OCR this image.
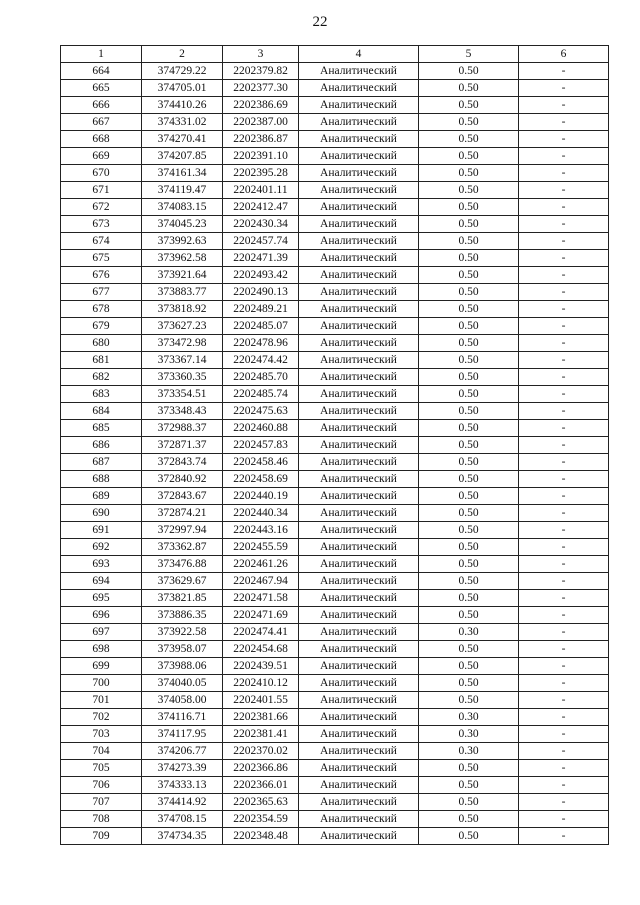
22
1	2	3	4	5	6
664	374729.22	2202379.82	Аналитический	0.50	-
665	374705.01	2202377.30	Аналитический	0.50	-
666	374410.26	2202386.69	Аналитический	0.50	-
667	374331.02	2202387.00	Аналитический	0.50	-
668	374270.41	2202386.87	Аналитический	0.50	-
669	374207.85	2202391.10	Аналитический	0.50	-
670	374161.34	2202395.28	Аналитический	0.50	-
671	374119.47	2202401.11	Аналитический	0.50	-
672	374083.15	2202412.47	Аналитический	0.50	-
673	374045.23	2202430.34	Аналитический	0.50	-
674	373992.63	2202457.74	Аналитический	0.50	-
675	373962.58	2202471.39	Аналитический	0.50	-
676	373921.64	2202493.42	Аналитический	0.50	-
677	373883.77	2202490.13	Аналитический	0.50	-
678	373818.92	2202489.21	Аналитический	0.50	-
679	373627.23	2202485.07	Аналитический	0.50	-
680	373472.98	2202478.96	Аналитический	0.50	-
681	373367.14	2202474.42	Аналитический	0.50	-
682	373360.35	2202485.70	Аналитический	0.50	-
683	373354.51	2202485.74	Аналитический	0.50	-
684	373348.43	2202475.63	Аналитический	0.50	-
685	372988.37	2202460.88	Аналитический	0.50	-
686	372871.37	2202457.83	Аналитический	0.50	-
687	372843.74	2202458.46	Аналитический	0.50	-
688	372840.92	2202458.69	Аналитический	0.50	-
689	372843.67	2202440.19	Аналитический	0.50	-
690	372874.21	2202440.34	Аналитический	0.50	-
691	372997.94	2202443.16	Аналитический	0.50	-
692	373362.87	2202455.59	Аналитический	0.50	-
693	373476.88	2202461.26	Аналитический	0.50	-
694	373629.67	2202467.94	Аналитический	0.50	-
695	373821.85	2202471.58	Аналитический	0.50	-
696	373886.35	2202471.69	Аналитический	0.50	-
697	373922.58	2202474.41	Аналитический	0.30	-
698	373958.07	2202454.68	Аналитический	0.50	-
699	373988.06	2202439.51	Аналитический	0.50	-
700	374040.05	2202410.12	Аналитический	0.50	-
701	374058.00	2202401.55	Аналитический	0.50	-
702	374116.71	2202381.66	Аналитический	0.30	-
703	374117.95	2202381.41	Аналитический	0.30	-
704	374206.77	2202370.02	Аналитический	0.30	-
705	374273.39	2202366.86	Аналитический	0.50	-
706	374333.13	2202366.01	Аналитический	0.50	-
707	374414.92	2202365.63	Аналитический	0.50	-
708	374708.15	2202354.59	Аналитический	0.50	-
709	374734.35	2202348.48	Аналитический	0.50	-
